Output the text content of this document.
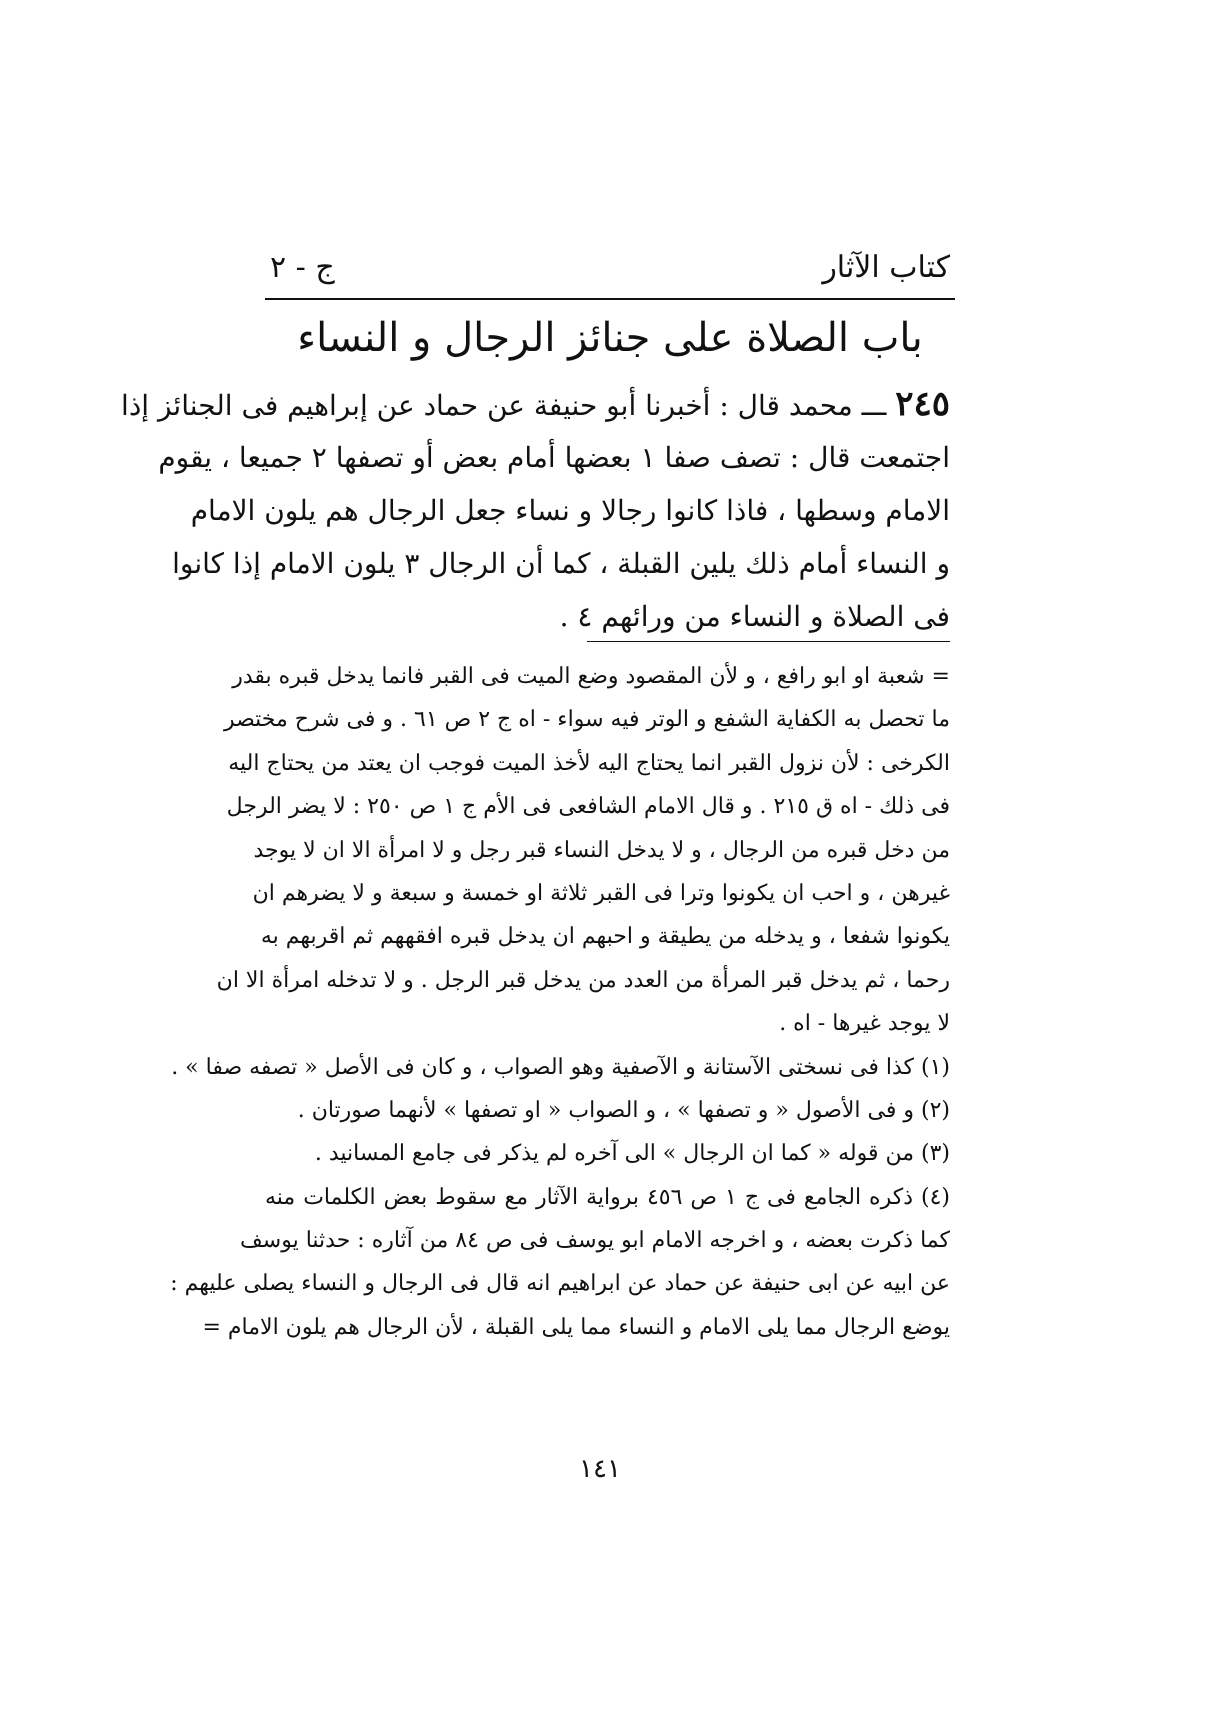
كتاب الآثار
ج - ٢
باب الصلاة على جنائز الرجال و النساء
٢٤٥ ـــ محمد قال : أخبرنا أبو حنيفة عن حماد عن إبراهيم فى الجنائز إذا
اجتمعت قال : تصف صفا ١ بعضها أمام بعض أو تصفها ٢ جميعا ، يقوم
الامام وسطها ، فاذا كانوا رجالا و نساء جعل الرجال هم يلون الامام
و النساء أمام ذلك يلين القبلة ، كما أن الرجال ٣ يلون الامام إذا كانوا
فى الصلاة و النساء من ورائهم ٤ .
= شعبة او ابو رافع ، و لأن المقصود وضع الميت فى القبر فانما يدخل قبره بقدر
ما تحصل به الكفاية الشفع و الوتر فيه سواء - اه ج ٢ ص ٦١ . و فى شرح مختصر
الكرخى : لأن نزول القبر انما يحتاج اليه لأخذ الميت فوجب ان يعتد من يحتاج اليه
فى ذلك - اه ق ٢١٥ . و قال الامام الشافعى فى الأم ج ١ ص ٢٥٠ : لا يضر الرجل
من دخل قبره من الرجال ، و لا يدخل النساء قبر رجل و لا امرأة الا ان لا يوجد
غيرهن ، و احب ان يكونوا وترا فى القبر ثلاثة او خمسة و سبعة و لا يضرهم ان
يكونوا شفعا ، و يدخله من يطيقة و احبهم ان يدخل قبره افقههم ثم اقربهم به
رحما ، ثم يدخل قبر المرأة من العدد من يدخل قبر الرجل . و لا تدخله امرأة الا ان
لا يوجد غيرها - اه .
(١) كذا فى نسختى الآستانة و الآصفية وهو الصواب ، و كان فى الأصل « تصفه صفا » .
(٢) و فى الأصول « و تصفها » ، و الصواب « او تصفها » لأنهما صورتان .
(٣) من قوله « كما ان الرجال » الى آخره لم يذكر فى جامع المسانيد .
(٤) ذكره الجامع فى ج ١ ص ٤٥٦ برواية الآثار مع سقوط بعض الكلمات منه
كما ذكرت بعضه ، و اخرجه الامام ابو يوسف فى ص ٨٤ من آثاره : حدثنا يوسف
عن ابيه عن ابى حنيفة عن حماد عن ابراهيم انه قال فى الرجال و النساء يصلى عليهم :
يوضع الرجال مما يلى الامام و النساء مما يلى القبلة ، لأن الرجال هم يلون الامام =
١٤١
